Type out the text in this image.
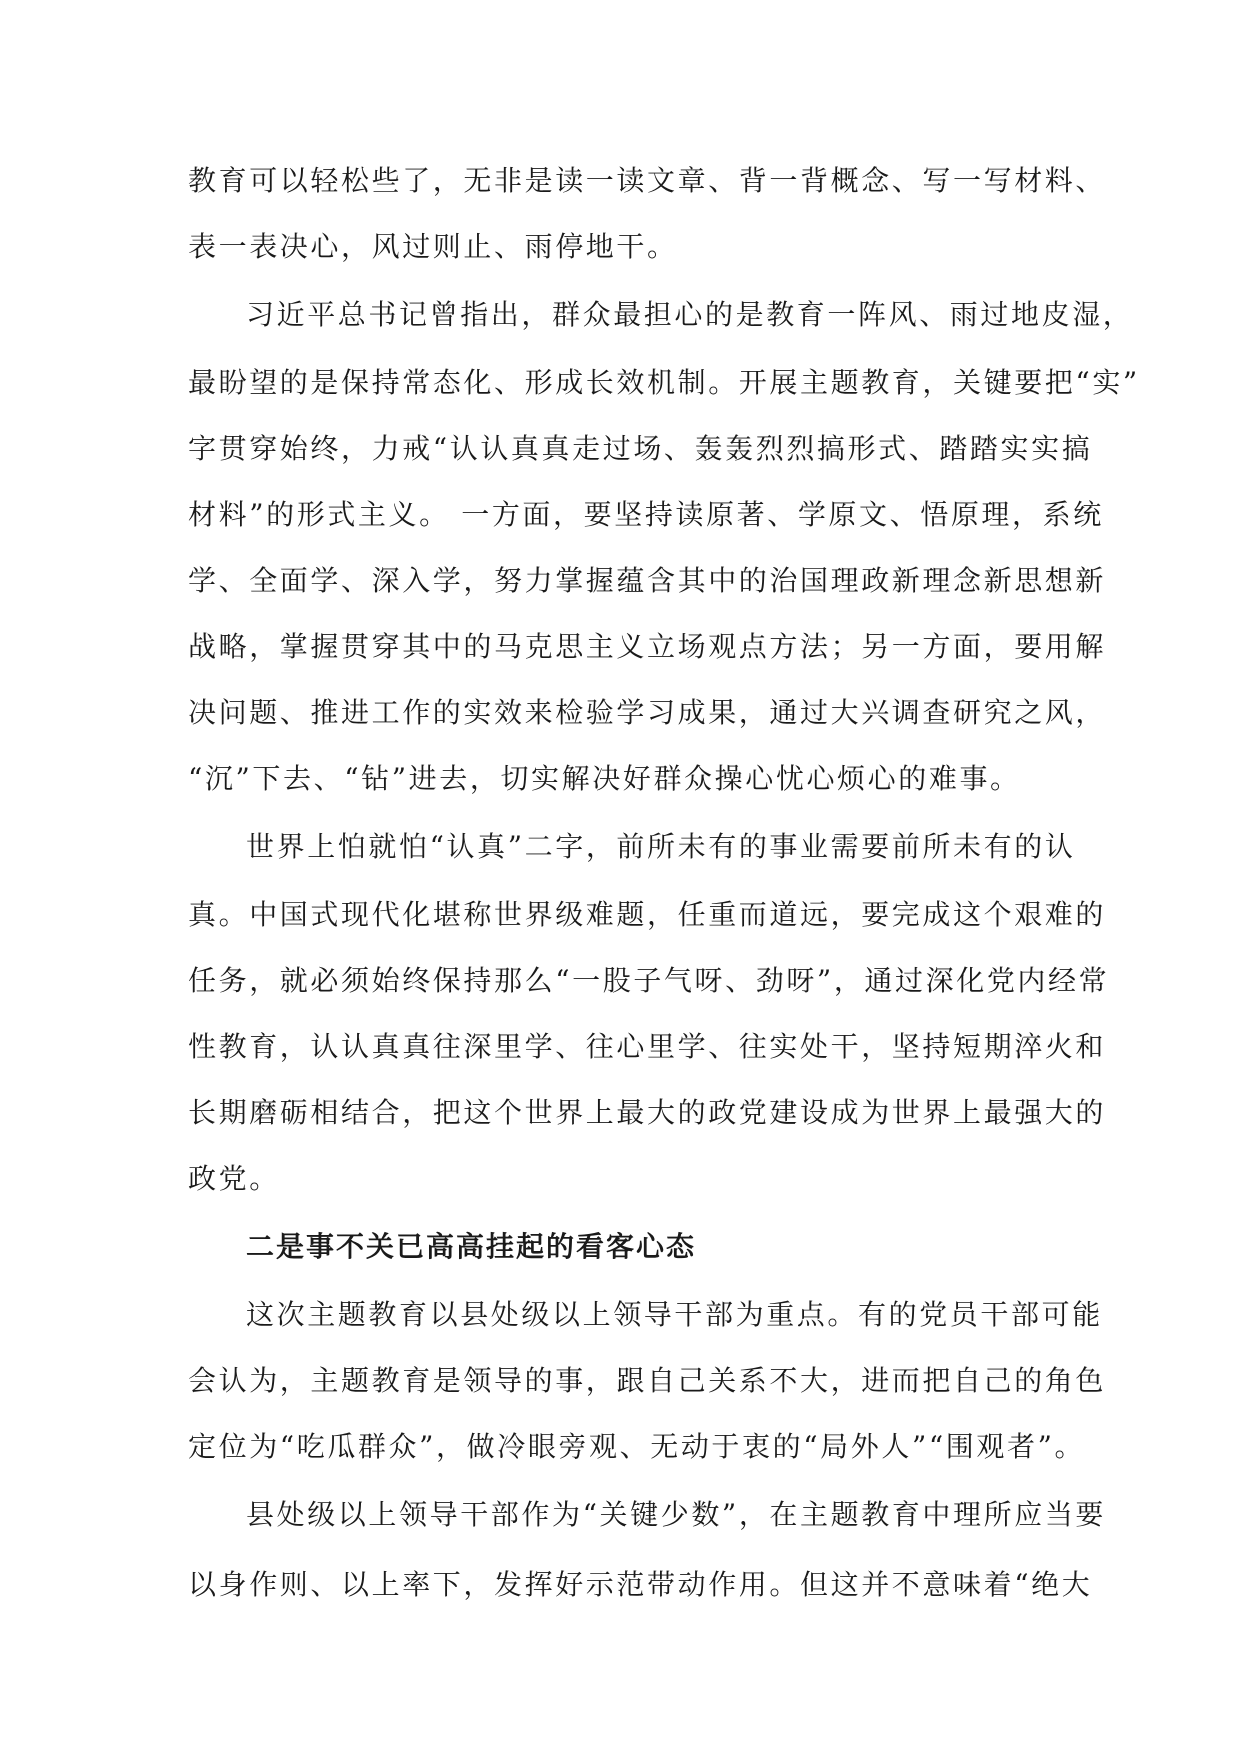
教育可以轻松些了，无非是读一读文章、背一背概念、写一写材料、
表一表决心，风过则止、雨停地干。
习近平总书记曾指出，群众最担心的是教育一阵风、雨过地皮湿，
最盼望的是保持常态化、形成长效机制。开展主题教育，关键要把“实”
字贯穿始终，力戒“认认真真走过场、轰轰烈烈搞形式、踏踏实实搞
材料”的形式主义。 一方面，要坚持读原著、学原文、悟原理，系统
学、全面学、深入学，努力掌握蕴含其中的治国理政新理念新思想新
战略，掌握贯穿其中的马克思主义立场观点方法；另一方面，要用解
决问题、推进工作的实效来检验学习成果，通过大兴调查研究之风，
“沉”下去、“钻”进去，切实解决好群众操心忧心烦心的难事。
世界上怕就怕“认真”二字，前所未有的事业需要前所未有的认
真。中国式现代化堪称世界级难题，任重而道远，要完成这个艰难的
任务，就必须始终保持那么“一股子气呀、劲呀”，通过深化党内经常
性教育，认认真真往深里学、往心里学、往实处干，坚持短期淬火和
长期磨砺相结合，把这个世界上最大的政党建设成为世界上最强大的
政党。
二是事不关已高高挂起的看客心态
这次主题教育以县处级以上领导干部为重点。有的党员干部可能
会认为，主题教育是领导的事，跟自己关系不大，进而把自己的角色
定位为“吃瓜群众”，做冷眼旁观、无动于衷的“局外人”“围观者”。
县处级以上领导干部作为“关键少数”，在主题教育中理所应当要
以身作则、以上率下，发挥好示范带动作用。但这并不意味着“绝大
